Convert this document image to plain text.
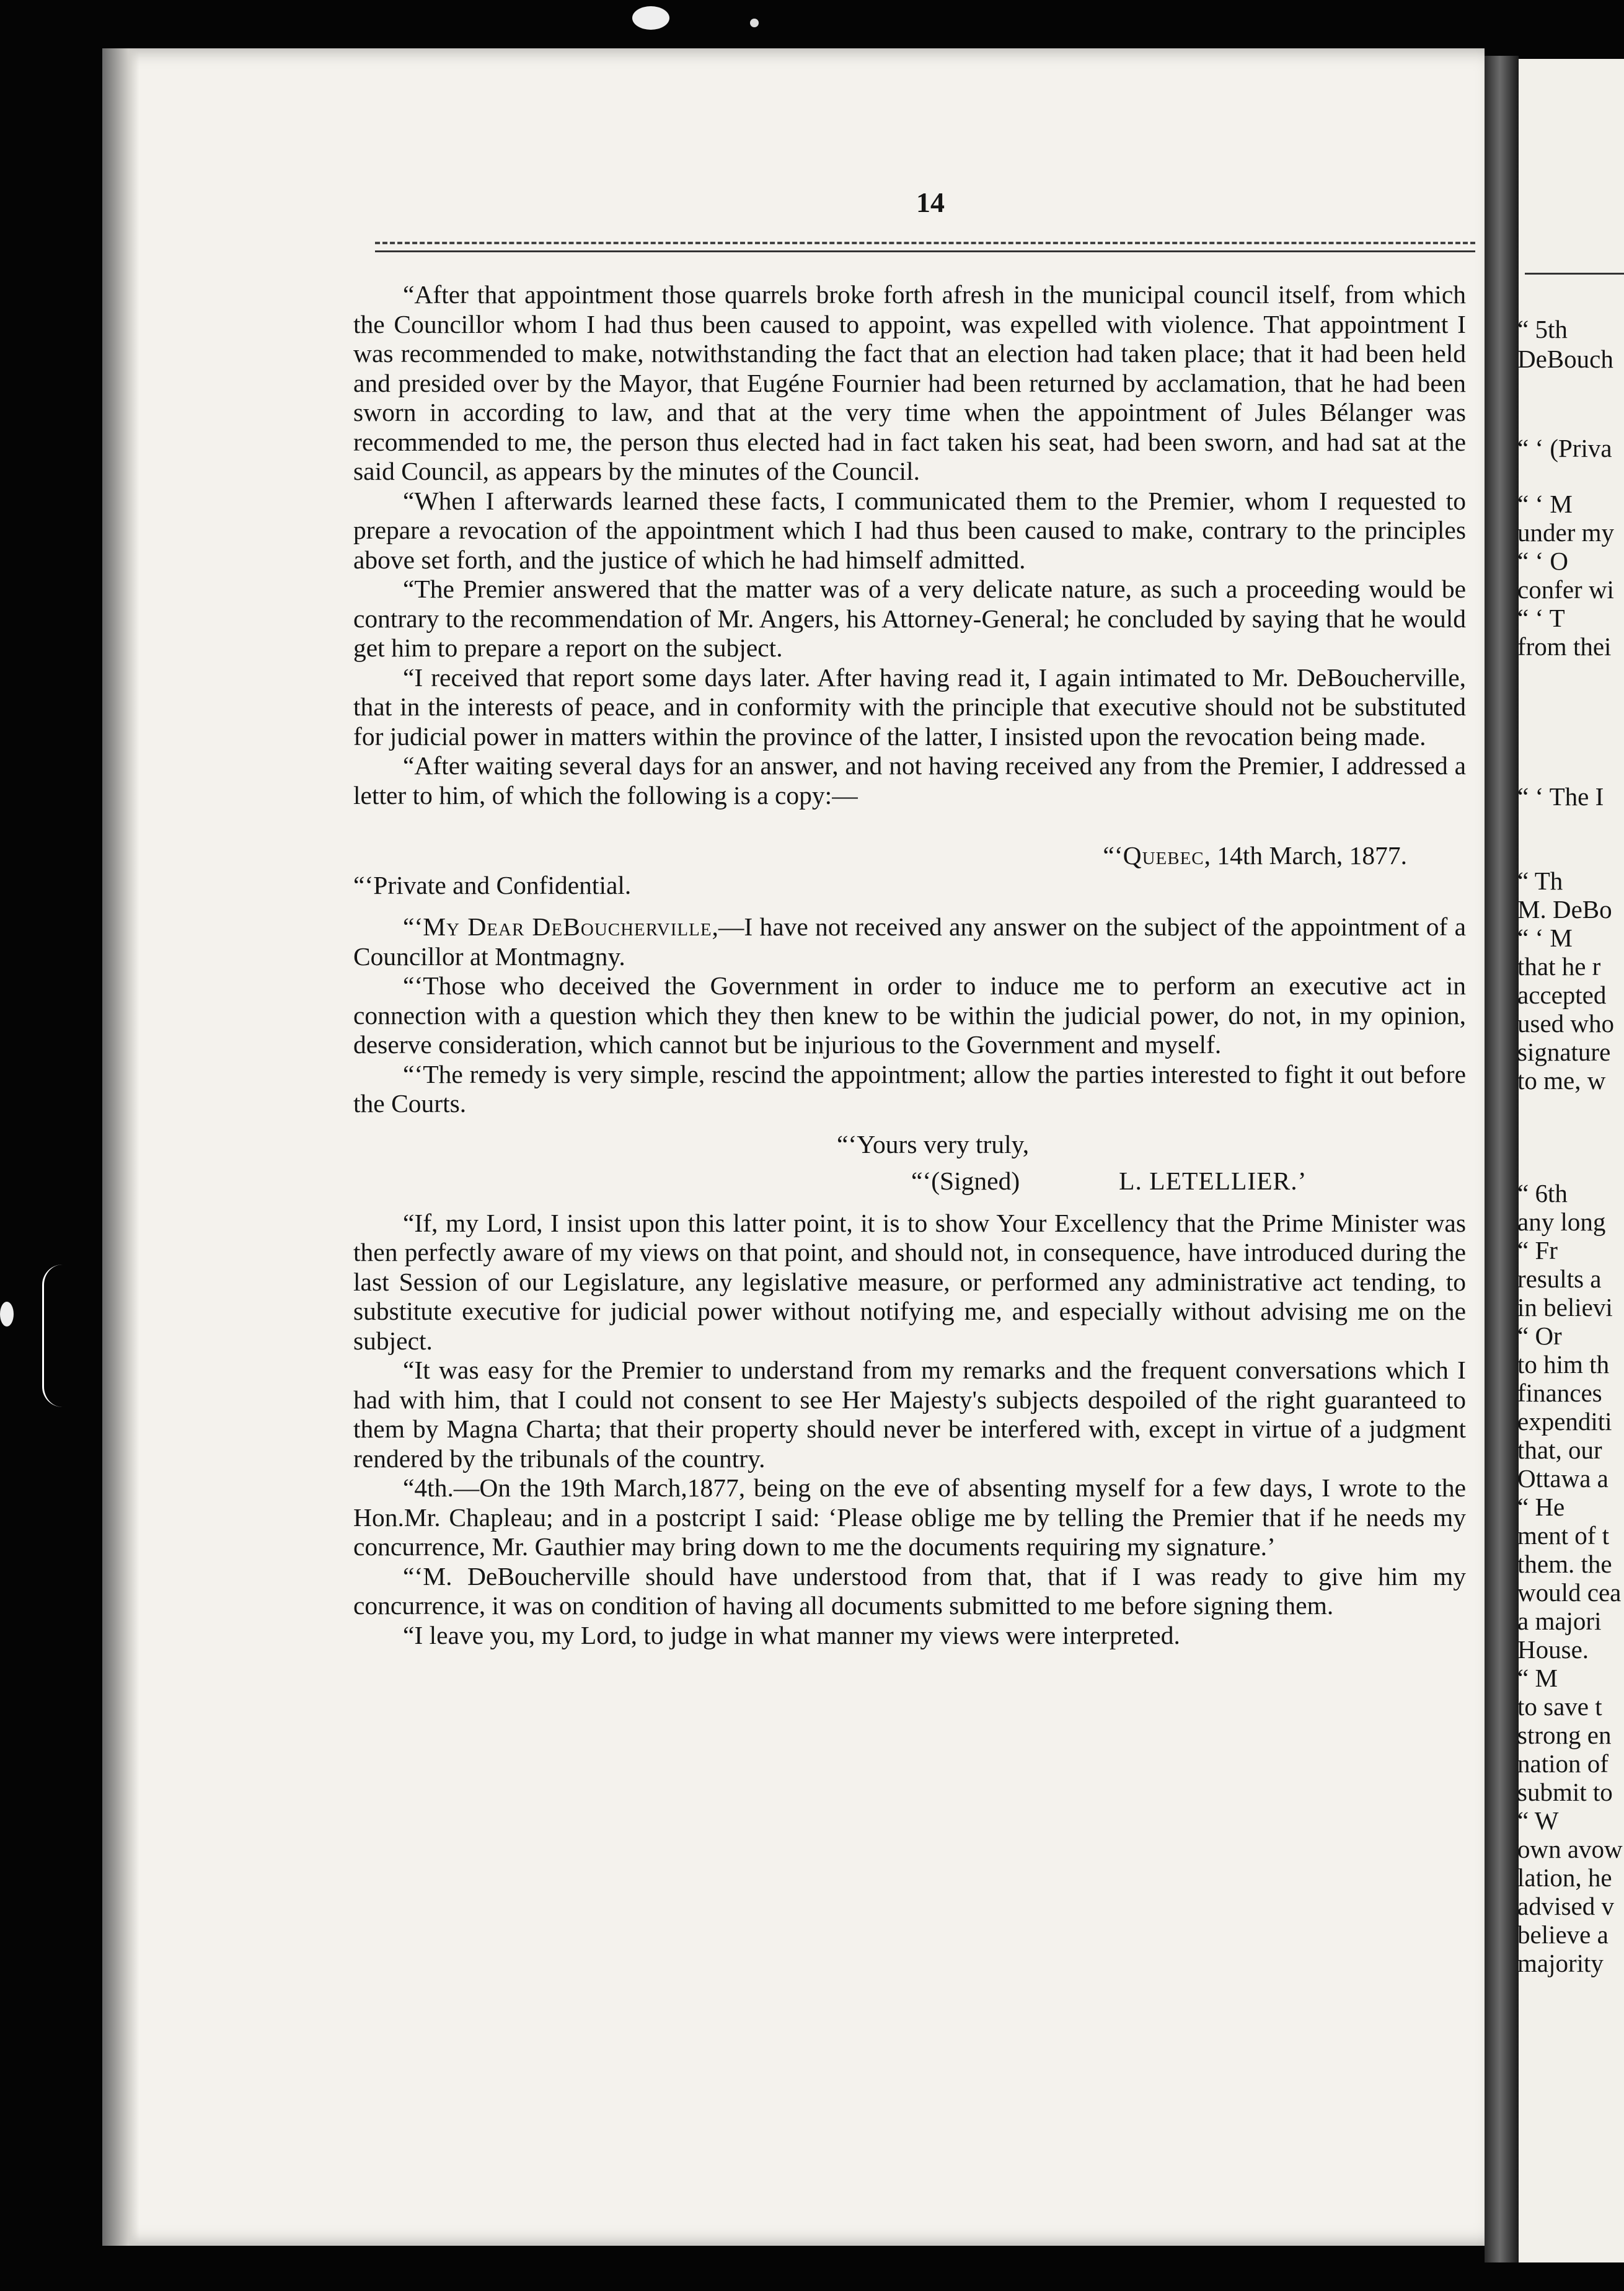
14

“After that appointment those quarrels broke forth afresh in the municipal council itself, from which the Councillor whom I had thus been caused to appoint, was expelled with violence. That appointment I was recommended to make, notwithstanding the fact that an election had taken place; that it had been held and presided over by the Mayor, that Eugéne Fournier had been returned by acclamation, that he had been sworn in according to law, and that at the very time when the appointment of Jules Bélanger was recommended to me, the person thus elected had in fact taken his seat, had been sworn, and had sat at the said Council, as appears by the minutes of the Council.

“When I afterwards learned these facts, I communicated them to the Premier, whom I requested to prepare a revocation of the appointment which I had thus been caused to make, contrary to the principles above set forth, and the justice of which he had himself admitted.

“The Premier answered that the matter was of a very delicate nature, as such a proceeding would be contrary to the recommendation of Mr. Angers, his Attorney-General; he concluded by saying that he would get him to prepare a report on the subject.

“I received that report some days later. After having read it, I again intimated to Mr. DeBoucherville, that in the interests of peace, and in conformity with the principle that executive should not be substituted for judicial power in matters within the province of the latter, I insisted upon the revocation being made.

“After waiting several days for an answer, and not having received any from the Premier, I addressed a letter to him, of which the following is a copy:—

“‘Quebec, 14th March, 1877.

“‘Private and Confidential.

“‘My Dear DeBoucherville,—I have not received any answer on the subject of the appointment of a Councillor at Montmagny.

“‘Those who deceived the Government in order to induce me to perform an executive act in connection with a question which they then knew to be within the judicial power, do not, in my opinion, deserve consideration, which cannot but be injurious to the Government and myself.

“‘The remedy is very simple, rescind the appointment; allow the parties interested to fight it out before the Courts.

“‘Yours very truly,

“‘(Signed)	L. LETELLIER.’

“If, my Lord, I insist upon this latter point, it is to show Your Excellency that the Prime Minister was then perfectly aware of my views on that point, and should not, in consequence, have introduced during the last Session of our Legislature, any legislative measure, or performed any administrative act tending, to substitute executive for judicial power without notifying me, and especially without advising me on the subject.

“It was easy for the Premier to understand from my remarks and the frequent conversations which I had with him, that I could not consent to see Her Majesty's subjects despoiled of the right guaranteed to them by Magna Charta; that their property should never be interfered with, except in virtue of a judgment rendered by the tribunals of the country.

“4th.—On the 19th March,1877, being on the eve of absenting myself for a few days, I wrote to the Hon.Mr. Chapleau; and in a postcript I said: ‘Please oblige me by telling the Premier that if he needs my concurrence, Mr. Gauthier may bring down to me the documents requiring my signature.’

“‘M. DeBoucherville should have understood from that, that if I was ready to give him my concurrence, it was on condition of having all documents submitted to me before signing them.

“I leave you, my Lord, to judge in what manner my views were interpreted.

“ 5th
DeBouch
“ ‘ (Priva
“ ‘ M
under my
“ ‘ O
confer wi
“ ‘ T
from thei
“ ‘ The I
“ Th
M. DeBo
“ ‘ M
that he r
accepted
used who
signature
to me, w
“ 6th
any long
“ Fr
results a
in believi
“ Or
to him th
finances
expenditi
that, our
Ottawa a
“ He
ment of t
them. the
would cea
a majori
House.
“ M
to save t
strong en
nation of
submit to
“ W
own avow
lation, he
advised v
believe a
majority
